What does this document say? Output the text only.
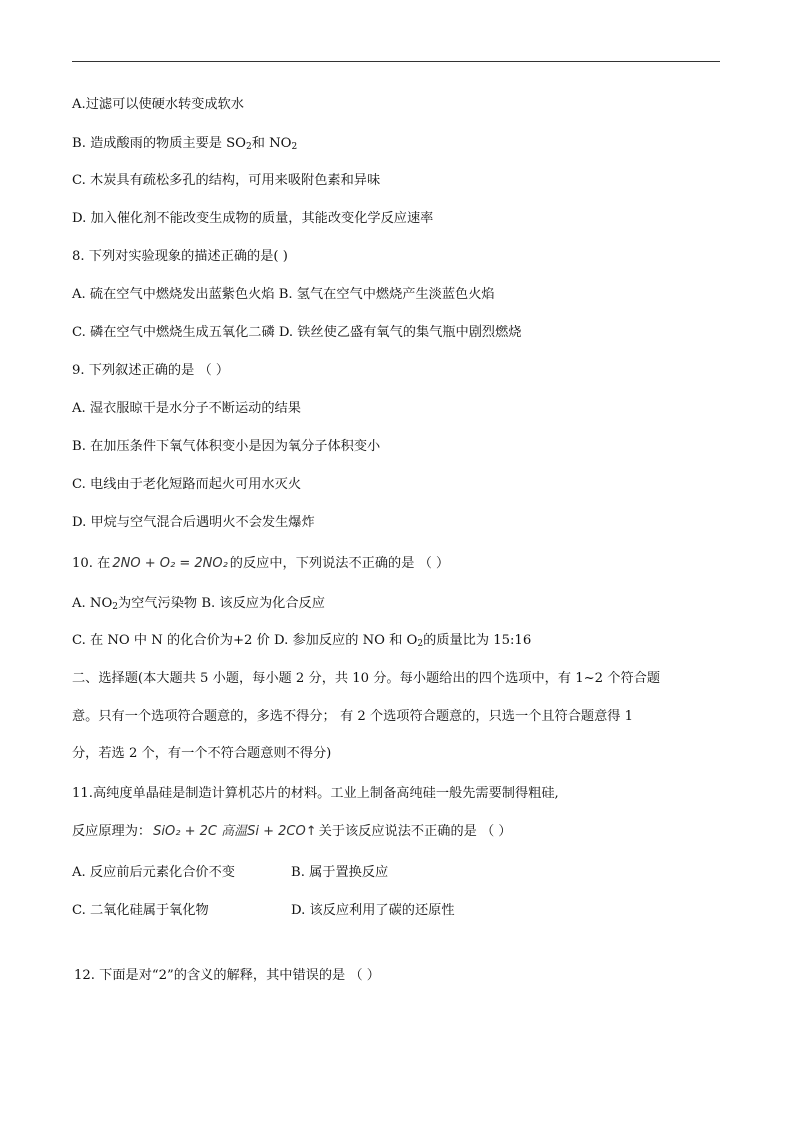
A.过滤可以使硬水转变成软水
B. 造成酸雨的物质主要是 $SO_2$和 $NO_2$
C. 木炭具有疏松多孔的结构，可用来吸附色素和异味
D. 加入催化剂不能改变生成物的质量，其能改变化学反应速率
8. 下列对实验现象的描述正确的是( )
A. 硫在空气中燃烧发出蓝紫色火焰 B. 氢气在空气中燃烧产生淡蓝色火焰
C. 磷在空气中燃烧生成五氧化二磷 D. 铁丝使乙盛有氧气的集气瓶中剧烈燃烧
9. 下列叙述正确的是 （ ）
A. 湿衣服晾干是水分子不断运动的结果
B. 在加压条件下氧气体积变小是因为氧分子体积变小
C. 电线由于老化短路而起火可用水灭火
D. 甲烷与空气混合后遇明火不会发生爆炸
10. 在 2NO + O₂ = 2NO₂ 的反应中，下列说法不正确的是 （ ）
A. $NO_2$为空气污染物 B. 该反应为化合反应
C. 在 NO 中 N 的化合价为+2 价 D. 参加反应的 NO 和 $O_2$的质量比为 15:16
二、选择题(本大题共 5 小题，每小题 2 分，共 10 分。每小题给出的四个选项中，有 1~2 个符合题
意。只有一个选项符合题意的，多选不得分； 有 2 个选项符合题意的，只选一个且符合题意得 1
分，若选 2 个，有一个不符合题意则不得分)
11.高纯度单晶硅是制造计算机芯片的材料。工业上制备高纯硅一般先需要制得粗硅,
反应原理为： SiO₂ + 2C 高温Si + 2CO↑ 关于该反应说法不正确的是 （ ）
A. 反应前后元素化合价不变	B. 属于置换反应
C. 二氧化硅属于氧化物	D. 该反应利用了碳的还原性
12. 下面是对“2”的含义的解释，其中错误的是 （ ）
